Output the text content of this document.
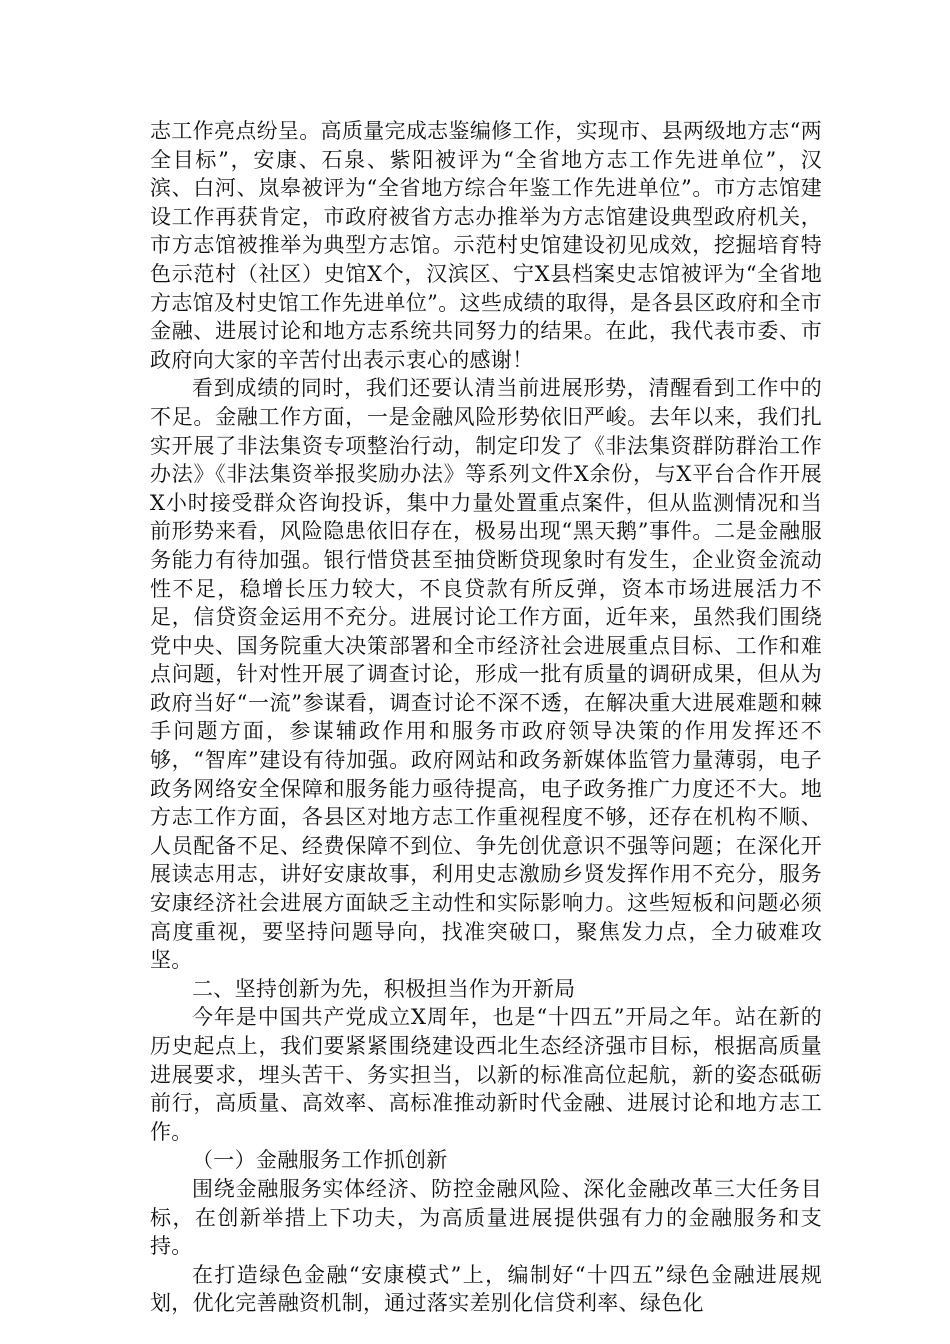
志工作亮点纷呈。高质量完成志鉴编修工作，实现市、县两级地方志“两全目标”，安康、石泉、紫阳被评为“全省地方志工作先进单位”，汉滨、白河、岚皋被评为“全省地方综合年鉴工作先进单位”。市方志馆建设工作再获肯定，市政府被省方志办推举为方志馆建设典型政府机关，市方志馆被推举为典型方志馆。示范村史馆建设初见成效，挖掘培育特色示范村（社区）史馆X个，汉滨区、宁X县档案史志馆被评为“全省地方志馆及村史馆工作先进单位”。这些成绩的取得，是各县区政府和全市金融、进展讨论和地方志系统共同努力的结果。在此，我代表市委、市政府向大家的辛苦付出表示衷心的感谢！

看到成绩的同时，我们还要认清当前进展形势，清醒看到工作中的不足。金融工作方面，一是金融风险形势依旧严峻。去年以来，我们扎实开展了非法集资专项整治行动，制定印发了《非法集资群防群治工作办法》《非法集资举报奖励办法》等系列文件X余份，与X平台合作开展X小时接受群众咨询投诉，集中力量处置重点案件，但从监测情况和当前形势来看，风险隐患依旧存在，极易出现“黑天鹅”事件。二是金融服务能力有待加强。银行惜贷甚至抽贷断贷现象时有发生，企业资金流动性不足，稳增长压力较大，不良贷款有所反弹，资本市场进展活力不足，信贷资金运用不充分。进展讨论工作方面，近年来，虽然我们围绕党中央、国务院重大决策部署和全市经济社会进展重点目标、工作和难点问题，针对性开展了调查讨论，形成一批有质量的调研成果，但从为政府当好“一流”参谋看，调查讨论不深不透，在解决重大进展难题和棘手问题方面，参谋辅政作用和服务市政府领导决策的作用发挥还不够，“智库”建设有待加强。政府网站和政务新媒体监管力量薄弱，电子政务网络安全保障和服务能力亟待提高，电子政务推广力度还不大。地方志工作方面，各县区对地方志工作重视程度不够，还存在机构不顺、人员配备不足、经费保障不到位、争先创优意识不强等问题；在深化开展读志用志，讲好安康故事，利用史志激励乡贤发挥作用不充分，服务安康经济社会进展方面缺乏主动性和实际影响力。这些短板和问题必须高度重视，要坚持问题导向，找准突破口，聚焦发力点，全力破难攻坚。

二、坚持创新为先，积极担当作为开新局

今年是中国共产党成立X周年，也是“十四五”开局之年。站在新的历史起点上，我们要紧紧围绕建设西北生态经济强市目标，根据高质量进展要求，埋头苦干、务实担当，以新的标准高位起航，新的姿态砥砺前行，高质量、高效率、高标准推动新时代金融、进展讨论和地方志工作。

（一）金融服务工作抓创新

围绕金融服务实体经济、防控金融风险、深化金融改革三大任务目标，在创新举措上下功夫，为高质量进展提供强有力的金融服务和支持。

在打造绿色金融“安康模式”上，编制好“十四五”绿色金融进展规划，优化完善融资机制，通过落实差别化信贷利率、绿色化
